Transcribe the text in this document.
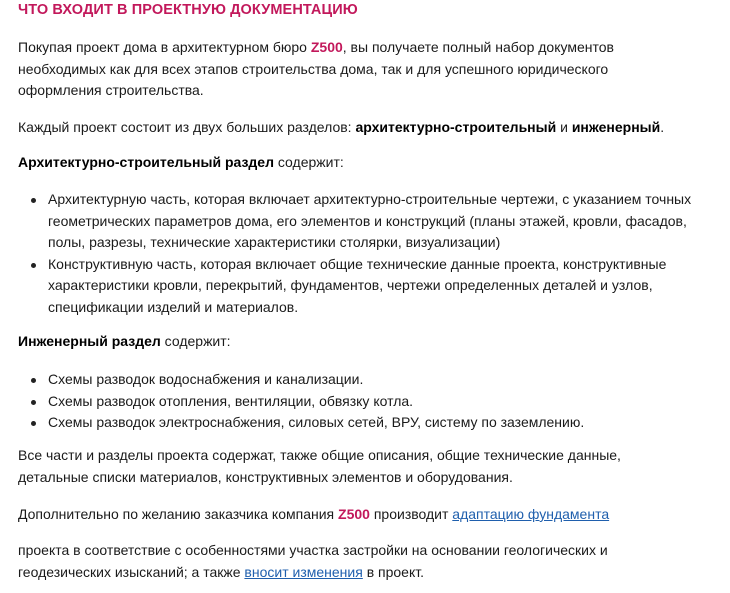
ЧТО ВХОДИТ В ПРОЕКТНУЮ ДОКУМЕНТАЦИЮ

Покупая проект дома в архитектурном бюро Z500, вы получаете полный набор документов
необходимых как для всех этапов строительства дома, так и для успешного юридического
оформления строительства.

Каждый проект состоит из двух больших разделов: архитектурно-строительный и инженерный.

Архитектурно-строительный раздел содержит:

Архитектурную часть, которая включает архитектурно-строительные чертежи, с указанием точных
геометрических параметров дома, его элементов и конструкций (планы этажей, кровли, фасадов,
полы, разрезы, технические характеристики столярки, визуализации)
Конструктивную часть, которая включает общие технические данные проекта, конструктивные
характеристики кровли, перекрытий, фундаментов, чертежи определенных деталей и узлов,
спецификации изделий и материалов.

Инженерный раздел содержит:

Схемы разводок водоснабжения и канализации.
Схемы разводок отопления, вентиляции, обвязку котла.
Схемы разводок электроснабжения, силовых сетей, ВРУ, систему по заземлению.

Все части и разделы проекта содержат, также общие описания, общие технические данные,
детальные списки материалов, конструктивных элементов и оборудования.

Дополнительно по желанию заказчика компания Z500 производит адаптацию фундамента

проекта в соответствие с особенностями участка застройки на основании геологических и
геодезических изысканий; а также вносит изменения в проект.
